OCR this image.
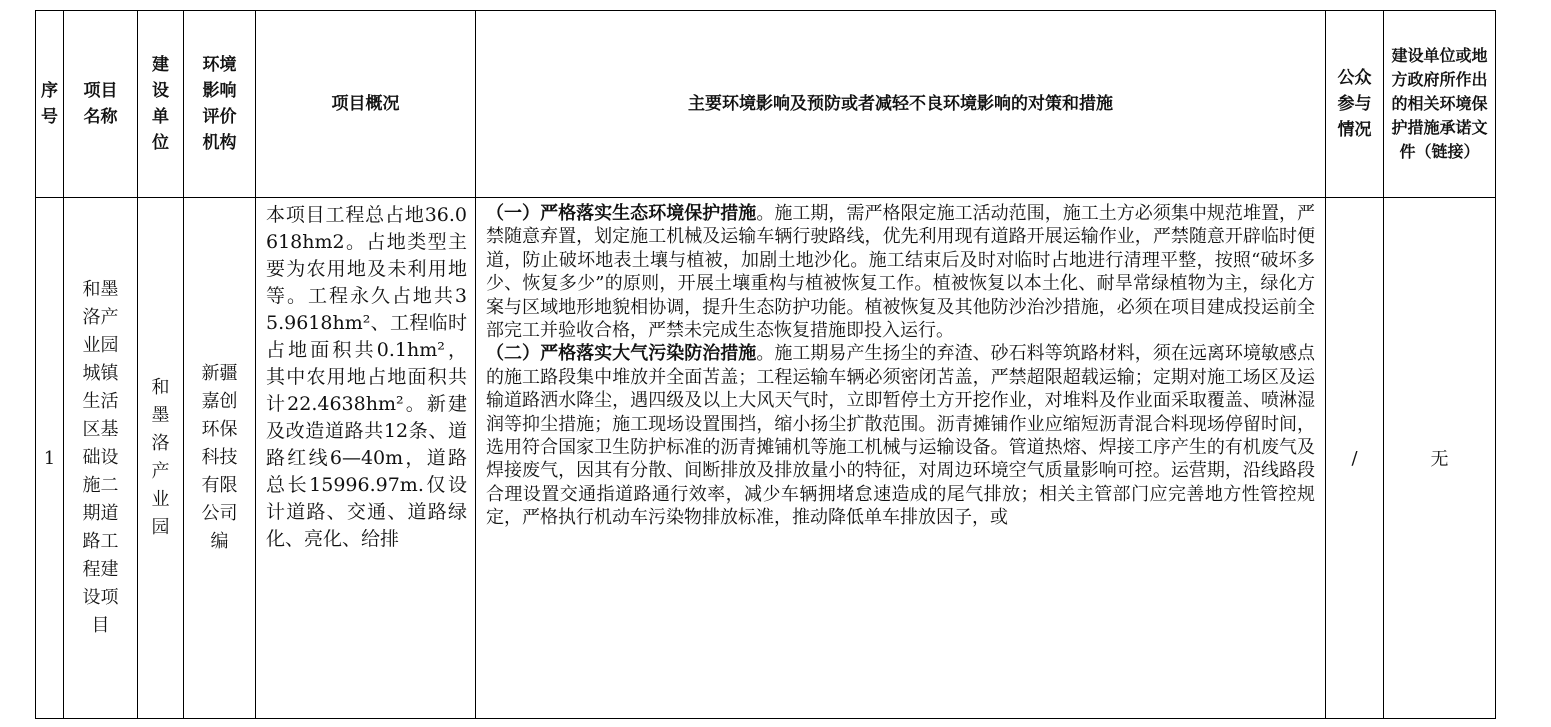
序号	项目名称	建设单位	环境影响评价机构	项目概况	主要环境影响及预防或者减轻不良环境影响的对策和措施	公众参与情况	建设单位或地方政府所作出的相关环境保护措施承诺文件（链接）

1	和墨洛产业园城镇生活区基础设施二期道路工程建设项目	和墨洛产业园	新疆嘉创环保科技有限公司编	本项目工程总占地36.0618hm2。占地类型主要为农用地及未利用地等。工程永久占地共35.9618hm²、工程临时占地面积共0.1hm²，其中农用地占地面积共计22.4638hm²。新建及改造道路共12条、道路红线6—40m，道路总长15996.97m.仅设计道路、交通、道路绿化、亮化、给排	（一）严格落实生态环境保护措施。施工期，需严格限定施工活动范围，施工土方必须集中规范堆置，严禁随意弃置，划定施工机械及运输车辆行驶路线，优先利用现有道路开展运输作业，严禁随意开辟临时便道，防止破坏地表土壤与植被，加剧土地沙化。施工结束后及时对临时占地进行清理平整，按照“破坏多少、恢复多少”的原则，开展土壤重构与植被恢复工作。植被恢复以本土化、耐旱常绿植物为主，绿化方案与区域地形地貌相协调，提升生态防护功能。植被恢复及其他防沙治沙措施，必须在项目建成投运前全部完工并验收合格，严禁未完成生态恢复措施即投入运行。

（二）严格落实大气污染防治措施。施工期易产生扬尘的弃渣、砂石料等筑路材料，须在远离环境敏感点的施工路段集中堆放并全面苫盖；工程运输车辆必须密闭苫盖，严禁超限超载运输；定期对施工场区及运输道路洒水降尘，遇四级及以上大风天气时，立即暂停土方开挖作业，对堆料及作业面采取覆盖、喷淋湿润等抑尘措施；施工现场设置围挡，缩小扬尘扩散范围。沥青摊铺作业应缩短沥青混合料现场停留时间，选用符合国家卫生防护标准的沥青摊铺机等施工机械与运输设备。管道热熔、焊接工序产生的有机废气及焊接废气，因其有分散、间断排放及排放量小的特征，对周边环境空气质量影响可控。运营期，沿线路段合理设置交通指道路通行效率，减少车辆拥堵怠速造成的尾气排放；相关主管部门应完善地方性管控规定，严格执行机动车污染物排放标准，推动降低单车排放因子，或	/	无
